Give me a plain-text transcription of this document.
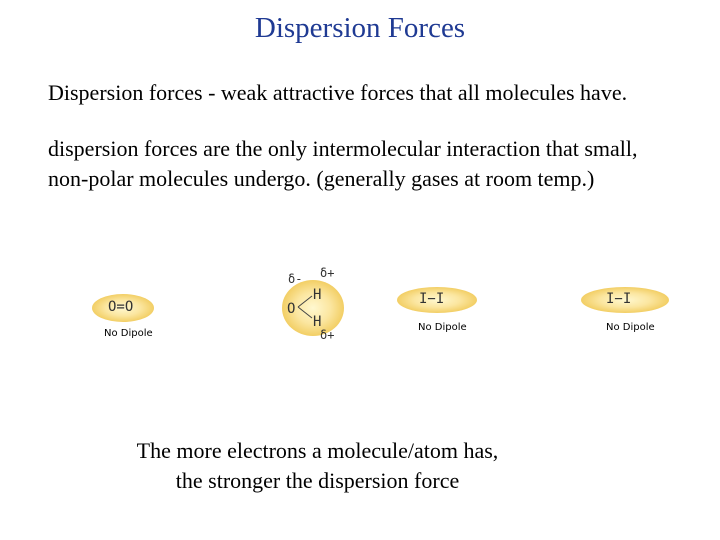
Dispersion Forces
Dispersion forces - weak attractive forces that all molecules have.
dispersion forces are the only intermolecular interaction that small,
non-polar molecules undergo. (generally gases at room temp.)
O=O
No Dipole
O
H
H
δ- δ+
δ+
I−I
No Dipole
I−I
No Dipole
The more electrons a molecule/atom has,
the stronger the dispersion force
